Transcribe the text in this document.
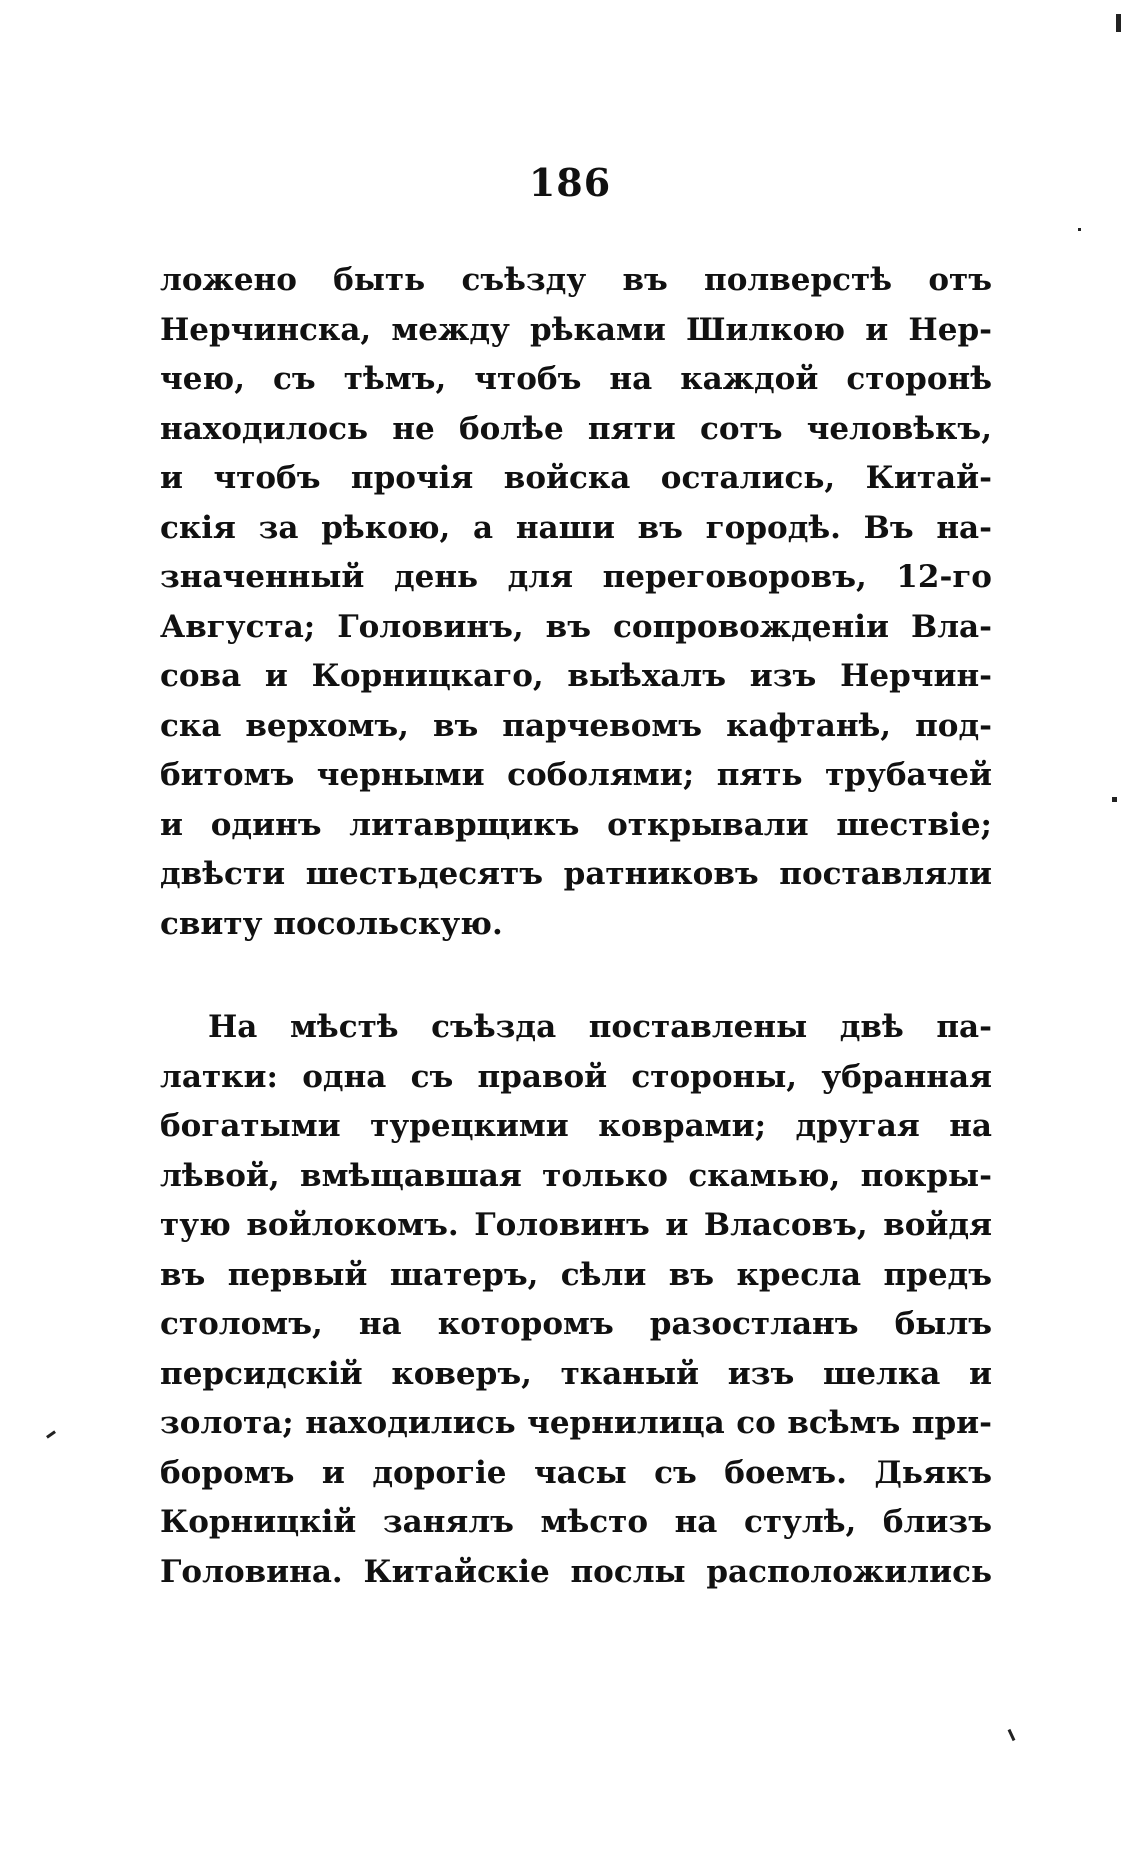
186
ложено быть съѣзду въ полверстѣ отъ
Нерчинска, между рѣками Шилкою и Нер-
чею, съ тѣмъ, чтобъ на каждой сторонѣ
находилось не болѣе пяти сотъ человѣкъ,
и чтобъ прочія войска остались, Китай-
скія за рѣкою, а наши въ городѣ. Въ на-
значенный день для переговоровъ, 12-го
Августа; Головинъ, въ сопровожденіи Вла-
сова и Корницкаго, выѣхалъ изъ Нерчин-
ска верхомъ, въ парчевомъ кафтанѣ, под-
битомъ черными соболями; пять трубачей
и одинъ литаврщикъ открывали шествіе;
двѣсти шестьдесятъ ратниковъ поставляли
свиту посольскую.
На мѣстѣ съѣзда поставлены двѣ па-
латки: одна съ правой стороны, убранная
богатыми турецкими коврами; другая на
лѣвой, вмѣщавшая только скамью, покры-
тую войлокомъ. Головинъ и Власовъ, войдя
въ первый шатеръ, сѣли въ кресла предъ
столомъ, на которомъ разостланъ былъ
персидскій коверъ, тканый изъ шелка и
золота; находились чернилица со всѣмъ при-
боромъ и дорогіе часы съ боемъ. Дьякъ
Корницкій занялъ мѣсто на стулѣ, близъ
Головина. Китайскіе послы расположились
